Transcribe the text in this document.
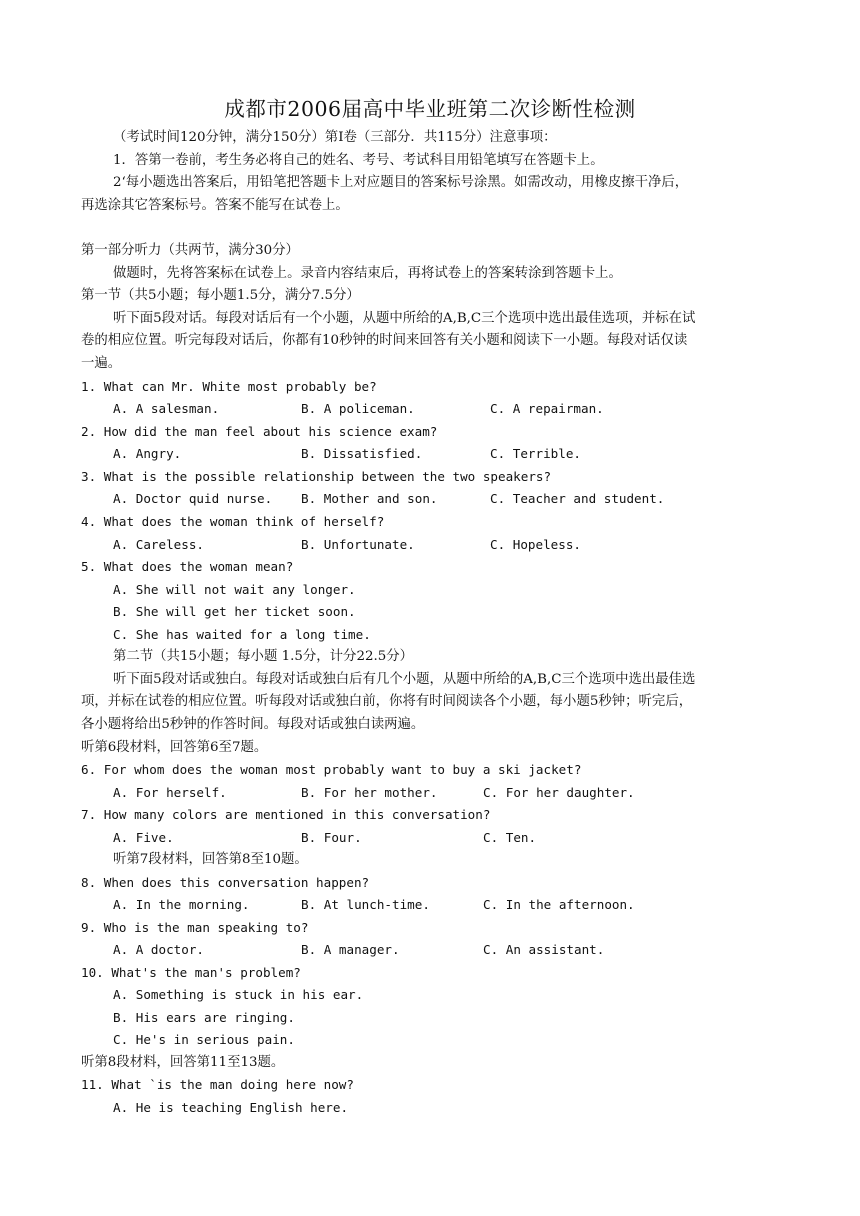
成都市2006届高中毕业班第二次诊断性检测
（考试时间120分钟，满分150分）第Ⅰ卷（三部分．共115分）注意事项：
1．答第一卷前，考生务必将自己的姓名、考号、考试科目用铅笔填写在答题卡上。
2‘每小题选出答案后，用铅笔把答题卡上对应题目的答案标号涂黑。如需改动，用橡皮擦干净后，
再选涂其它答案标号。答案不能写在试卷上。
第一部分听力（共两节，满分30分）
做题时，先将答案标在试卷上。录音内容结束后，再将试卷上的答案转涂到答题卡上。
第一节（共5小题；每小题1.5分，满分7.5分）
听下面5段对话。每段对话后有一个小题，从题中所给的A,B,C三个选项中选出最佳选项，并标在试
卷的相应位置。听完每段对话后，你都有10秒钟的时间来回答有关小题和阅读下一小题。每段对话仅读
一遍。
1. What can Mr. White most probably be?
A. A salesman.	B. A policeman.	C. A repairman.
2. How did the man feel about his science exam?
A. Angry.	B. Dissatisfied.	C. Terrible.
3. What is the possible relationship between the two speakers?
A. Doctor quid nurse. B. Mother and son.	C. Teacher and student.
4. What does the woman think of herself?
A. Careless.	B. Unfortunate.	C. Hopeless.
5. What does the woman mean?
A. She will not wait any longer.
B. She will get her ticket soon.
C. She has waited for a long time.
第二节（共15小题；每小题 1.5分，计分22.5分）
听下面5段对话或独白。每段对话或独白后有几个小题，从题中所给的A,B,C三个选项中选出最佳选
项，并标在试卷的相应位置。听每段对话或独白前，你将有时间阅读各个小题，每小题5秒钟；听完后，
各小题将给出5秒钟的作答时间。每段对话或独白读两遍。
听第6段材料，回答第6至7题。
6. For whom does the woman most probably want to buy a ski jacket?
A. For herself.	B. For her mother.	C. For her daughter.
7. How many colors are mentioned in this conversation?
A. Five.	B. Four.	C. Ten.
听第7段材料，回答第8至10题。
8. When does this conversation happen?
A. In the morning.	B. At lunch-time.	C. In the afternoon.
9. Who is the man speaking to?
A. A doctor.	B. A manager.	C. An assistant.
10. What's the man's problem?
A. Something is stuck in his ear.
B. His ears are ringing.
C. He's in serious pain.
听第8段材料，回答第11至13题。
11. What `is the man doing here now?
A. He is teaching English here.
